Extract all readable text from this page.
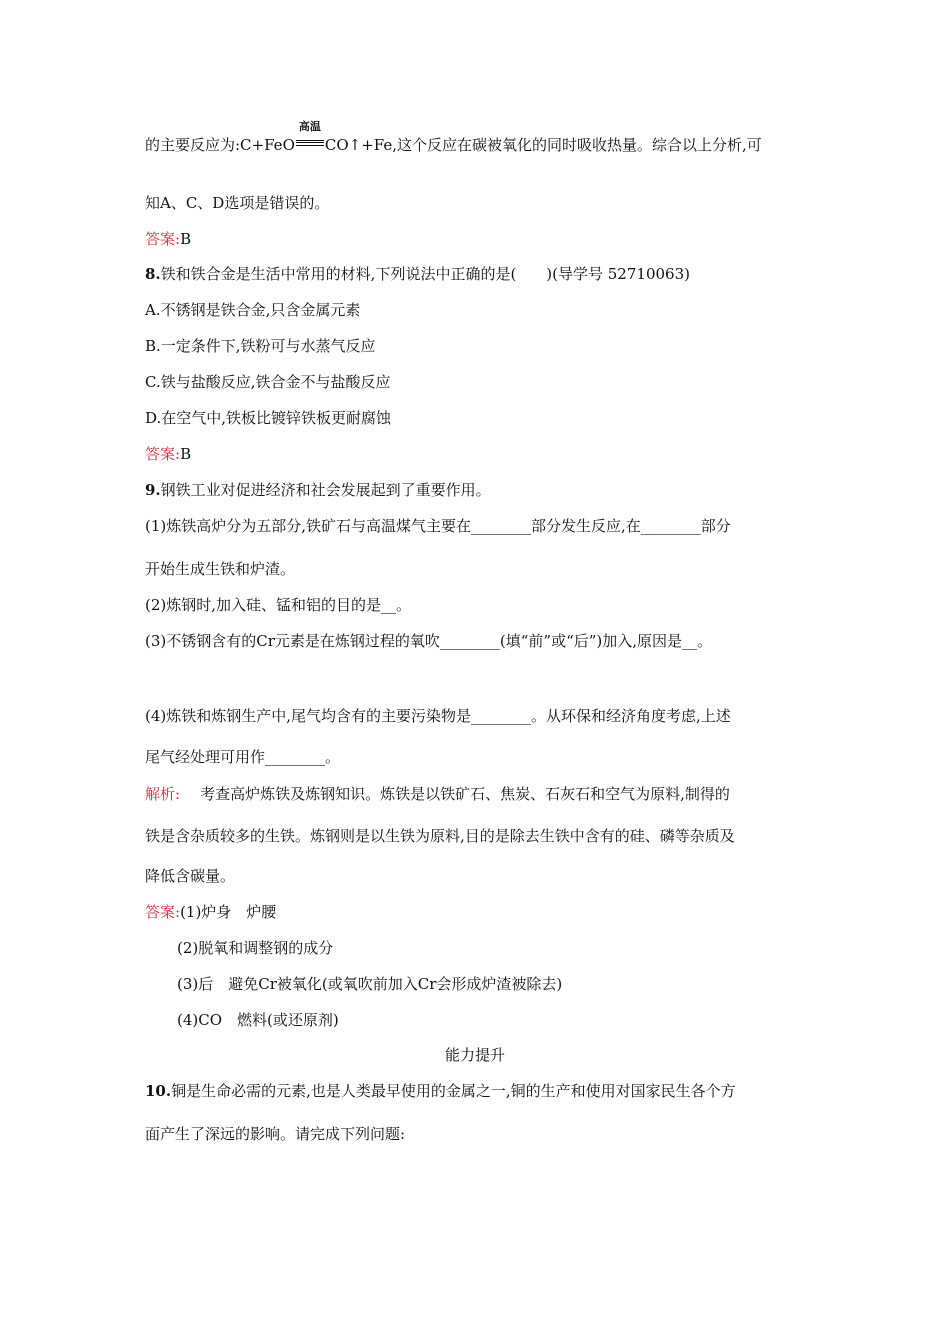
的主要反应为:C+FeO
高温
CO↑+Fe,这个反应在碳被氧化的同时吸收热量。综合以上分析,可
知A、C、D选项是错误的。
答案:B
8.铁和铁合金是生活中常用的材料,下列说法中正确的是(　　)(导学号 52710063)
A.不锈钢是铁合金,只含金属元素
B.一定条件下,铁粉可与水蒸气反应
C.铁与盐酸反应,铁合金不与盐酸反应
D.在空气中,铁板比镀锌铁板更耐腐蚀
答案:B
9.钢铁工业对促进经济和社会发展起到了重要作用。
(1)炼铁高炉分为五部分,铁矿石与高温煤气主要在________部分发生反应,在________部分
开始生成生铁和炉渣。
(2)炼钢时,加入硅、锰和铝的目的是__。
(3)不锈钢含有的Cr元素是在炼钢过程的氧吹________(填“前”或“后”)加入,原因是__。
(4)炼铁和炼钢生产中,尾气均含有的主要污染物是________。从环保和经济角度考虑,上述
尾气经处理可用作________。
解析: 考查高炉炼铁及炼钢知识。炼铁是以铁矿石、焦炭、石灰石和空气为原料,制得的
铁是含杂质较多的生铁。炼钢则是以生铁为原料,目的是除去生铁中含有的硅、磷等杂质及
降低含碳量。
答案:(1)炉身　炉腰
(2)脱氧和调整钢的成分
(3)后　避免Cr被氧化(或氧吹前加入Cr会形成炉渣被除去)
(4)CO　燃料(或还原剂)
能力提升
10.铜是生命必需的元素,也是人类最早使用的金属之一,铜的生产和使用对国家民生各个方
面产生了深远的影响。请完成下列问题:
